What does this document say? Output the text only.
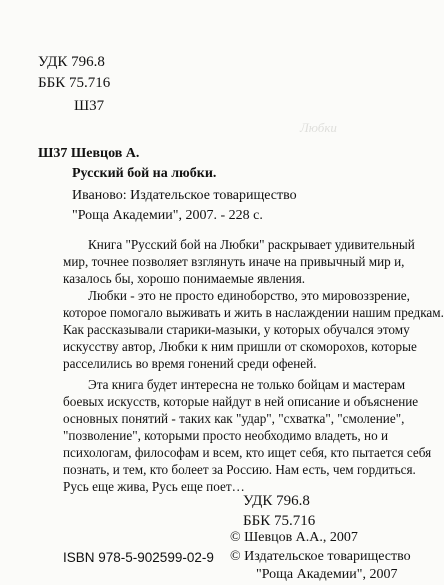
Любки
УДК 796.8
ББК 75.716
Ш37
Ш37 Шевцов А.
Русский бой на любки.
Иваново: Издательское товарищество
"Роща Академии", 2007. - 228 с.
Книга "Русский бой на Любки" раскрывает удивительный
мир, точнее позволяет взглянуть иначе на привычный мир и,
казалось бы, хорошо понимаемые явления.
Любки - это не просто единоборство, это мировоззрение,
которое помогало выживать и жить в наслаждении нашим предкам.
Как рассказывали старики-мазыки, у которых обучался этому
искусству автор, Любки к ним пришли от скоморохов, которые
расселились во время гонений среди офеней.
Эта книга будет интересна не только бойцам и мастерам
боевых искусств, которые найдут в ней описание и объяснение
основных понятий - таких как "удар", "схватка", "смоление",
"позволение", которыми просто необходимо владеть, но и
психологам, философам и всем, кто ищет себя, кто пытается себя
познать, и тем, кто болеет за Россию. Нам есть, чем гордиться.
Русь еще жива, Русь еще поет…
УДК 796.8
ББК 75.716
ISBN 978-5-902599-02-9
© Шевцов А.А., 2007
© Издательское товарищество
"Роща Академии", 2007
